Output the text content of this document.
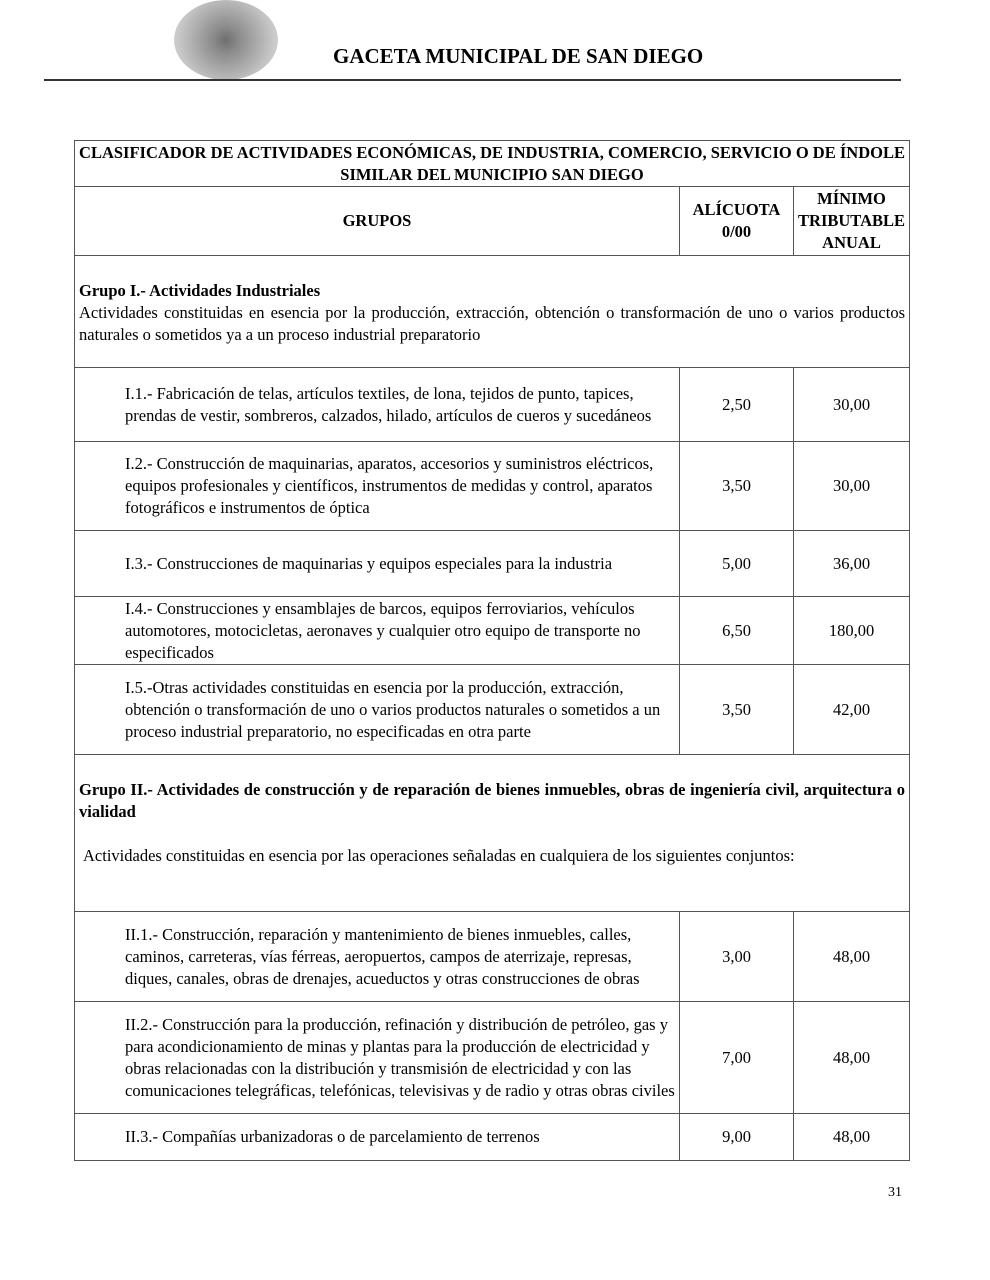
GACETA MUNICIPAL DE SAN DIEGO
CLASIFICADOR DE ACTIVIDADES ECONÓMICAS, DE INDUSTRIA, COMERCIO, SERVICIO O DE ÍNDOLE SIMILAR DEL MUNICIPIO SAN DIEGO		
GRUPOS	ALÍCUOTA 0/00	MÍNIMO TRIBUTABLE ANUAL

Grupo I.- Actividades Industriales
Actividades constituidas en esencia por la producción, extracción, obtención o transformación de uno o varios productos naturales o sometidos ya a un proceso industrial preparatorio		

I.1.- Fabricación de telas, artículos textiles, de lona, tejidos de punto, tapices, prendas de vestir, sombreros, calzados, hilado, artículos de cueros y sucedáneos	2,50	30,00
I.2.- Construcción de maquinarias, aparatos, accesorios y suministros eléctricos, equipos profesionales y científicos, instrumentos de medidas y control, aparatos fotográficos e instrumentos de óptica	3,50	30,00
I.3.- Construcciones de maquinarias y equipos especiales para la industria	5,00	36,00
I.4.- Construcciones y ensamblajes de barcos, equipos ferroviarios, vehículos automotores, motocicletas, aeronaves y cualquier otro equipo de transporte no especificados	6,50	180,00
I.5.-Otras actividades constituidas en esencia por la producción, extracción, obtención o transformación de uno o varios productos naturales o sometidos a un proceso industrial preparatorio, no especificadas en otra parte	3,50	42,00

Grupo II.- Actividades de construcción y de reparación de bienes inmuebles, obras de ingeniería civil, arquitectura o vialidad
Actividades constituidas en esencia por las operaciones señaladas en cualquiera de los siguientes conjuntos:		

II.1.- Construcción, reparación y mantenimiento de bienes inmuebles, calles, caminos, carreteras, vías férreas, aeropuertos, campos de aterrizaje, represas, diques, canales, obras de drenajes, acueductos y otras construcciones de obras	3,00	48,00
II.2.- Construcción para la producción, refinación y distribución de petróleo, gas y para acondicionamiento de minas y plantas para la producción de electricidad y obras relacionadas con la distribución y transmisión de electricidad y con las comunicaciones telegráficas, telefónicas, televisivas y de radio y otras obras civiles	7,00	48,00
II.3.- Compañías urbanizadoras o de parcelamiento de terrenos	9,00	48,00
31
